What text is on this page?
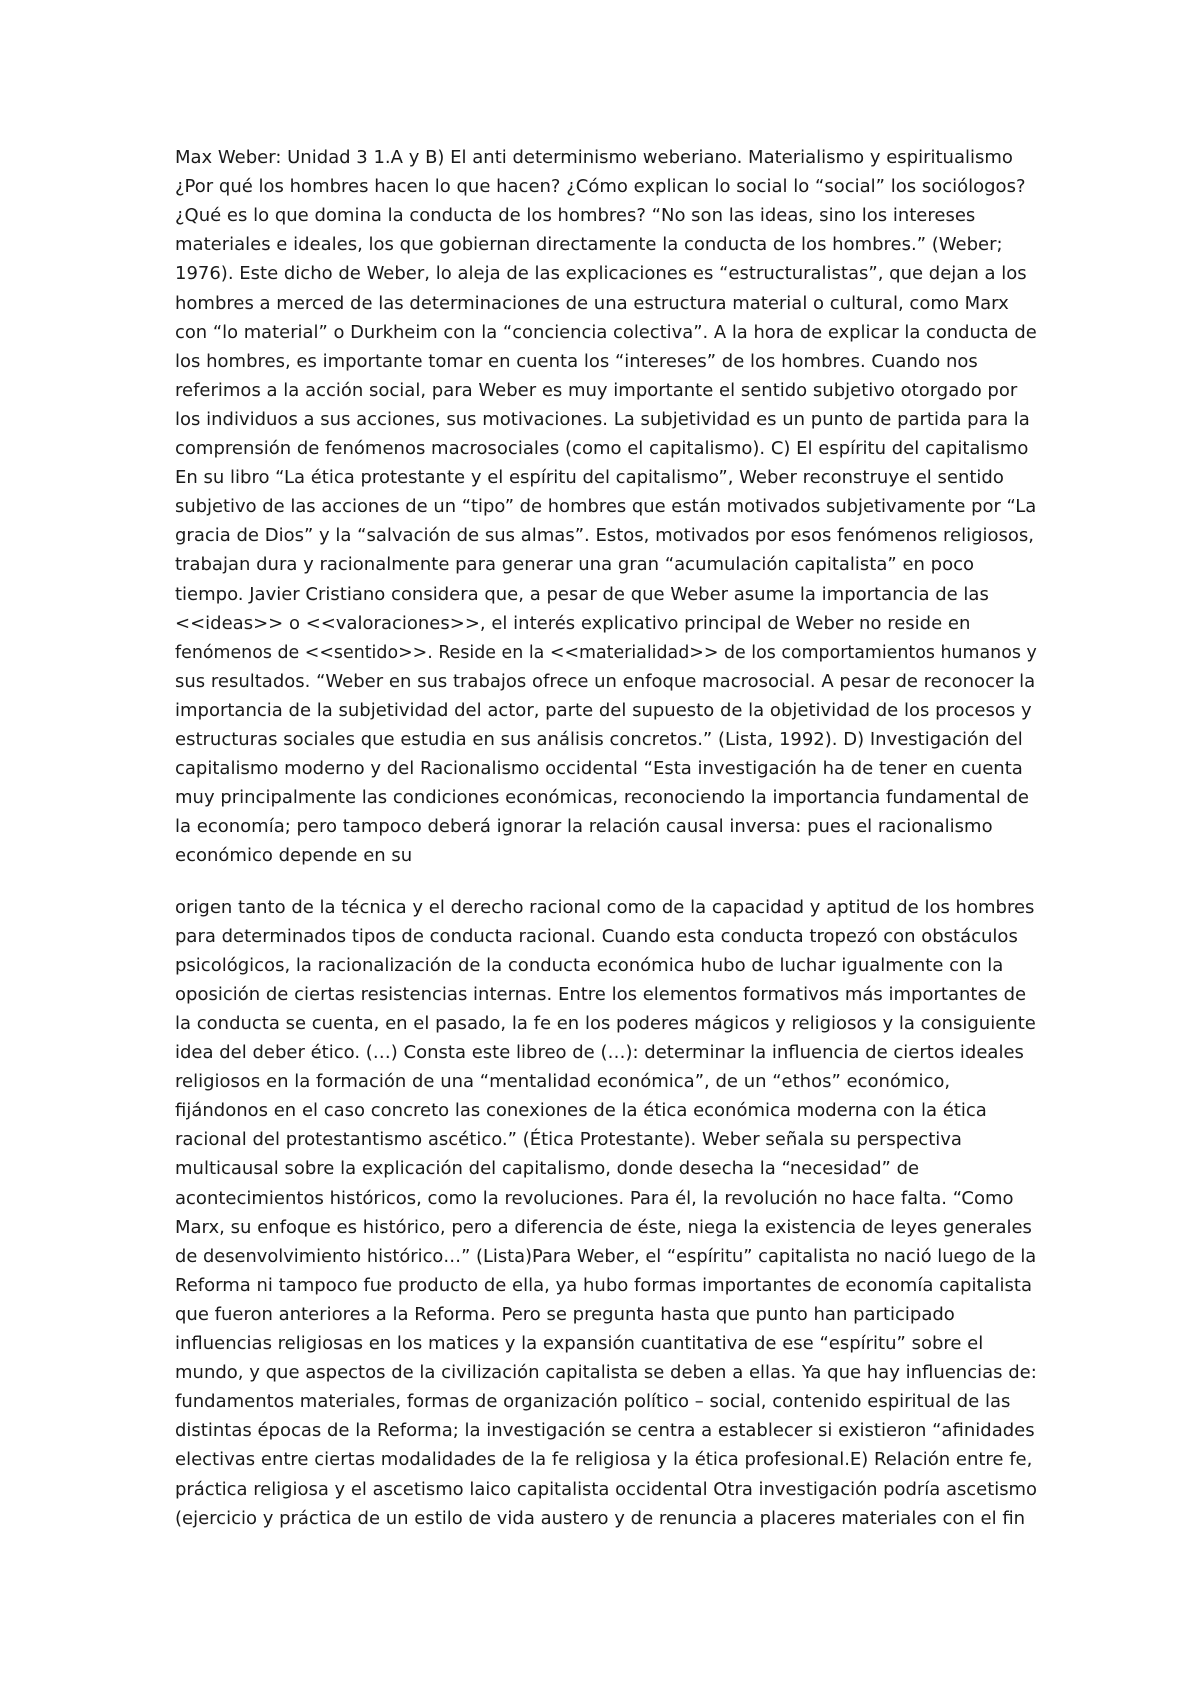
Max Weber: Unidad 3 1.A y B) El anti determinismo weberiano. Materialismo y espiritualismo

¿Por qué los hombres hacen lo que hacen? ¿Cómo explican lo social lo “social” los sociólogos?

¿Qué es lo que domina la conducta de los hombres? “No son las ideas, sino los intereses

materiales e ideales, los que gobiernan directamente la conducta de los hombres.” (Weber;

1976). Este dicho de Weber, lo aleja de las explicaciones es “estructuralistas”, que dejan a los

hombres a merced de las determinaciones de una estructura material o cultural, como Marx

con “lo material” o Durkheim con la “conciencia colectiva”. A la hora de explicar la conducta de

los hombres, es importante tomar en cuenta los “intereses” de los hombres. Cuando nos

referimos a la acción social, para Weber es muy importante el sentido subjetivo otorgado por

los individuos a sus acciones, sus motivaciones. La subjetividad es un punto de partida para la

comprensión de fenómenos macrosociales (como el capitalismo). C) El espíritu del capitalismo

En su libro “La ética protestante y el espíritu del capitalismo”, Weber reconstruye el sentido

subjetivo de las acciones de un “tipo” de hombres que están motivados subjetivamente por “La

gracia de Dios” y la “salvación de sus almas”. Estos, motivados por esos fenómenos religiosos,

trabajan dura y racionalmente para generar una gran “acumulación capitalista” en poco

tiempo. Javier Cristiano considera que, a pesar de que Weber asume la importancia de las

<<ideas>> o <<valoraciones>>, el interés explicativo principal de Weber no reside en

fenómenos de <<sentido>>. Reside en la <<materialidad>> de los comportamientos humanos y

sus resultados. “Weber en sus trabajos ofrece un enfoque macrosocial. A pesar de reconocer la

importancia de la subjetividad del actor, parte del supuesto de la objetividad de los procesos y

estructuras sociales que estudia en sus análisis concretos.” (Lista, 1992). D) Investigación del

capitalismo moderno y del Racionalismo occidental “Esta investigación ha de tener en cuenta

muy principalmente las condiciones económicas, reconociendo la importancia fundamental de

la economía; pero tampoco deberá ignorar la relación causal inversa: pues el racionalismo

económico depende en su

origen tanto de la técnica y el derecho racional como de la capacidad y aptitud de los hombres

para determinados tipos de conducta racional. Cuando esta conducta tropezó con obstáculos

psicológicos, la racionalización de la conducta económica hubo de luchar igualmente con la

oposición de ciertas resistencias internas. Entre los elementos formativos más importantes de

la conducta se cuenta, en el pasado, la fe en los poderes mágicos y religiosos y la consiguiente

idea del deber ético. (…) Consta este libreo de (…): determinar la influencia de ciertos ideales

religiosos en la formación de una “mentalidad económica”, de un “ethos” económico,

fijándonos en el caso concreto las conexiones de la ética económica moderna con la ética

racional del protestantismo ascético.” (Ética Protestante). Weber señala su perspectiva

multicausal sobre la explicación del capitalismo, donde desecha la “necesidad” de

acontecimientos históricos, como la revoluciones. Para él, la revolución no hace falta. “Como

Marx, su enfoque es histórico, pero a diferencia de éste, niega la existencia de leyes generales

de desenvolvimiento histórico…” (Lista)Para Weber, el “espíritu” capitalista no nació luego de la

Reforma ni tampoco fue producto de ella, ya hubo formas importantes de economía capitalista

que fueron anteriores a la Reforma. Pero se pregunta hasta que punto han participado

influencias religiosas en los matices y la expansión cuantitativa de ese “espíritu” sobre el

mundo, y que aspectos de la civilización capitalista se deben a ellas. Ya que hay influencias de:

fundamentos materiales, formas de organización político – social, contenido espiritual de las

distintas épocas de la Reforma; la investigación se centra a establecer si existieron “afinidades

electivas entre ciertas modalidades de la fe religiosa y la ética profesional.E) Relación entre fe,

práctica religiosa y el ascetismo laico capitalista occidental Otra investigación podría ascetismo

(ejercicio y práctica de un estilo de vida austero y de renuncia a placeres materiales con el fin
